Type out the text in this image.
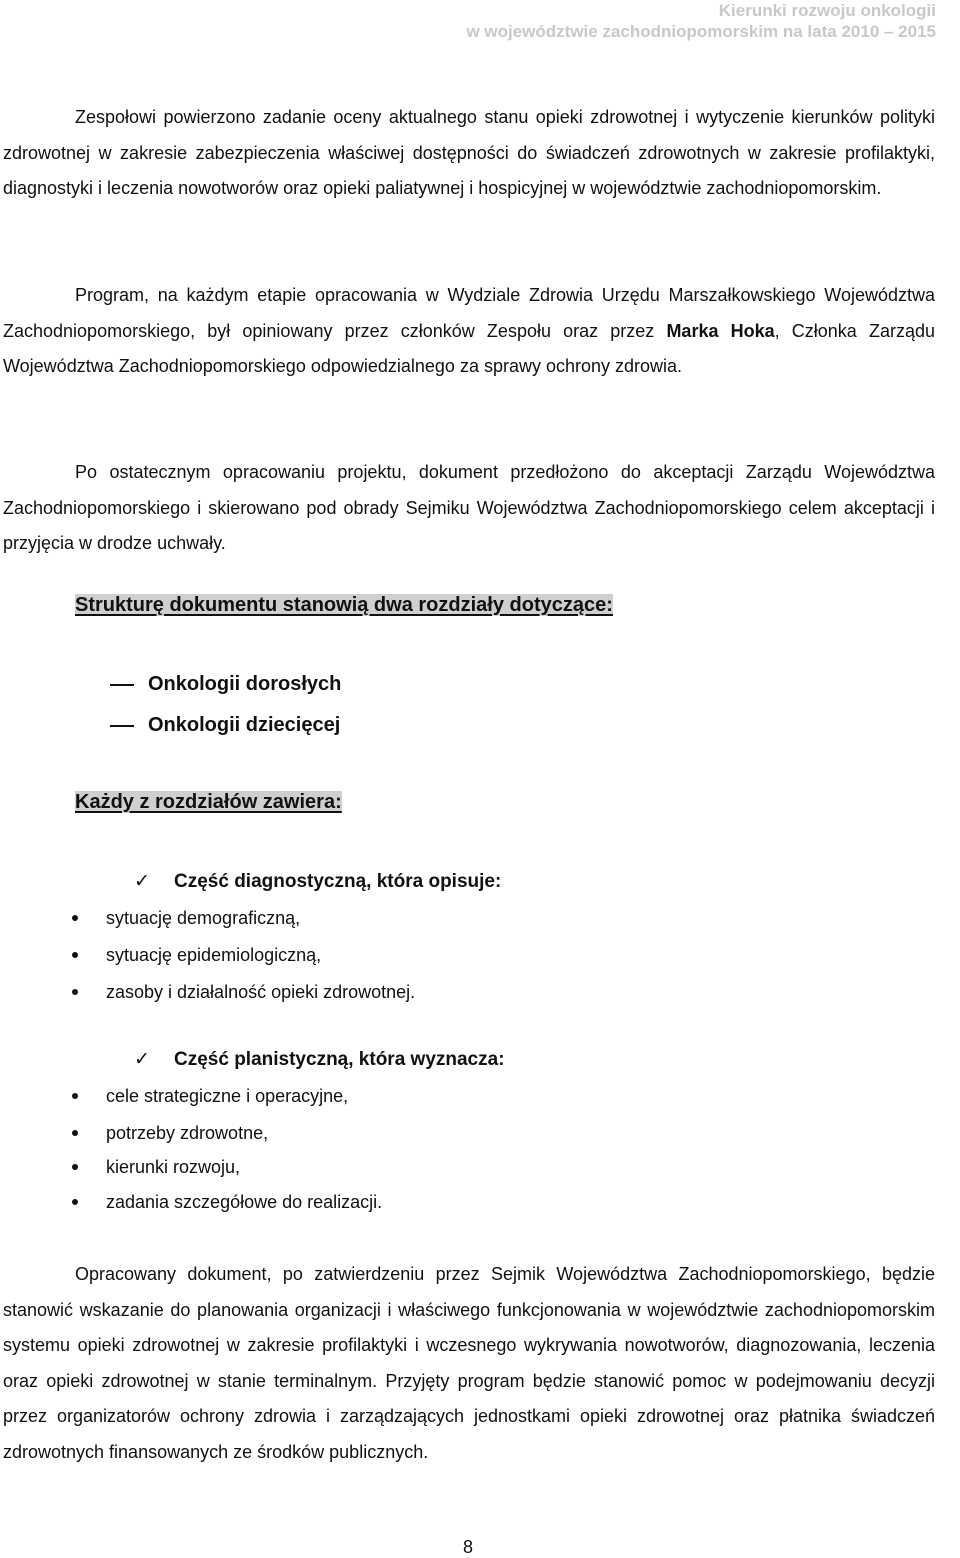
Kierunki rozwoju onkologii
w województwie zachodniopomorskim na lata 2010 – 2015

Zespołowi powierzono zadanie oceny aktualnego stanu opieki zdrowotnej i wytyczenie kierunków polityki zdrowotnej w zakresie zabezpieczenia właściwej dostępności do świadczeń zdrowotnych w zakresie profilaktyki, diagnostyki i leczenia nowotworów oraz opieki paliatywnej i hospicyjnej w województwie zachodniopomorskim.

Program, na każdym etapie opracowania w Wydziale Zdrowia Urzędu Marszałkowskiego Województwa Zachodniopomorskiego, był opiniowany przez członków Zespołu oraz przez Marka Hoka, Członka Zarządu Województwa Zachodniopomorskiego odpowiedzialnego za sprawy ochrony zdrowia.

Po ostatecznym opracowaniu projektu, dokument przedłożono do akceptacji Zarządu Województwa Zachodniopomorskiego i skierowano pod obrady Sejmiku Województwa Zachodniopomorskiego celem akceptacji i przyjęcia w drodze uchwały.

Strukturę dokumentu stanowią dwa rozdziały dotyczące:
Onkologii dorosłych
Onkologii dziecięcej
Każdy z rozdziałów zawiera:
✓ Część diagnostyczną, która opisuje:
sytuację demograficzną,
sytuację epidemiologiczną,
zasoby i działalność opieki zdrowotnej.
✓ Część planistyczną, która wyznacza:
cele strategiczne i operacyjne,
potrzeby zdrowotne,
kierunki rozwoju,
zadania szczegółowe do realizacji.

Opracowany dokument, po zatwierdzeniu przez Sejmik Województwa Zachodniopomorskiego, będzie stanowić wskazanie do planowania organizacji i właściwego funkcjonowania w województwie zachodniopomorskim systemu opieki zdrowotnej w zakresie profilaktyki i wczesnego wykrywania nowotworów, diagnozowania, leczenia oraz opieki zdrowotnej w stanie terminalnym. Przyjęty program będzie stanowić pomoc w podejmowaniu decyzji przez organizatorów ochrony zdrowia i zarządzających jednostkami opieki zdrowotnej oraz płatnika świadczeń zdrowotnych finansowanych ze środków publicznych.

8
